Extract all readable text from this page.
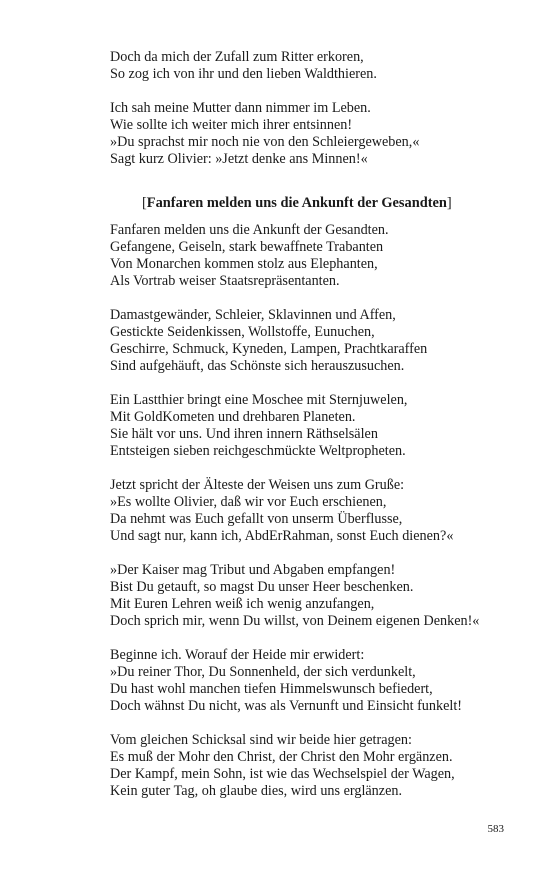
Doch da mich der Zufall zum Ritter erkoren,
So zog ich von ihr und den lieben Waldthieren.
Ich sah meine Mutter dann nimmer im Leben.
Wie sollte ich weiter mich ihrer entsinnen!
»Du sprachst mir noch nie von den Schleiergeweben,«
Sagt kurz Olivier: »Jetzt denke ans Minnen!«
[Fanfaren melden uns die Ankunft der Gesandten]
Fanfaren melden uns die Ankunft der Gesandten.
Gefangene, Geiseln, stark bewaffnete Trabanten
Von Monarchen kommen stolz aus Elephanten,
Als Vortrab weiser Staatsrepräsentanten.
Damastgewänder, Schleier, Sklavinnen und Affen,
Gestickte Seidenkissen, Wollstoffe, Eunuchen,
Geschirre, Schmuck, Kyneden, Lampen, Prachtkaraffen
Sind aufgehäuft, das Schönste sich herauszusuchen.
Ein Lastthier bringt eine Moschee mit Sternjuwelen,
Mit GoldKometen und drehbaren Planeten.
Sie hält vor uns. Und ihren innern Räthselsälen
Entsteigen sieben reichgeschmückte Weltpropheten.
Jetzt spricht der Älteste der Weisen uns zum Gruße:
»Es wollte Olivier, daß wir vor Euch erschienen,
Da nehmt was Euch gefallt von unserm Überflusse,
Und sagt nur, kann ich, AbdErRahman, sonst Euch dienen?«
»Der Kaiser mag Tribut und Abgaben empfangen!
Bist Du getauft, so magst Du unser Heer beschenken.
Mit Euren Lehren weiß ich wenig anzufangen,
Doch sprich mir, wenn Du willst, von Deinem eigenen Denken!«
Beginne ich. Worauf der Heide mir erwidert:
»Du reiner Thor, Du Sonnenheld, der sich verdunkelt,
Du hast wohl manchen tiefen Himmelswunsch befiedert,
Doch wähnst Du nicht, was als Vernunft und Einsicht funkelt!
Vom gleichen Schicksal sind wir beide hier getragen:
Es muß der Mohr den Christ, der Christ den Mohr ergänzen.
Der Kampf, mein Sohn, ist wie das Wechselspiel der Wagen,
Kein guter Tag, oh glaube dies, wird uns erglänzen.
583
